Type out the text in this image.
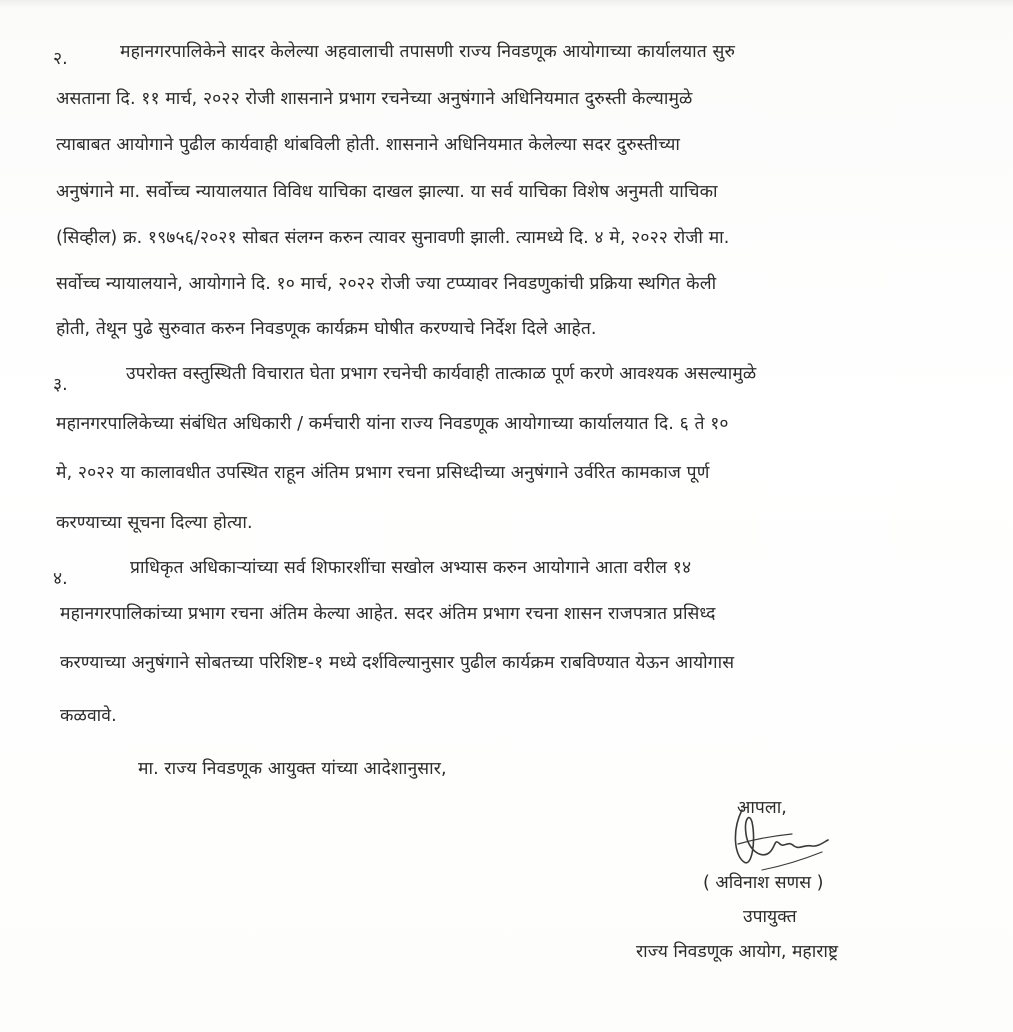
२.	महानगरपालिकेने सादर केलेल्या अहवालाची तपासणी राज्य निवडणूक आयोगाच्या कार्यालयात सुरु
असताना दि. ११ मार्च, २०२२ रोजी शासनाने प्रभाग रचनेच्या अनुषंगाने अधिनियमात दुरुस्ती केल्यामुळे
त्याबाबत आयोगाने पुढील कार्यवाही थांबविली होती. शासनाने अधिनियमात केलेल्या सदर दुरुस्तीच्या
अनुषंगाने मा. सर्वोच्च न्यायालयात विविध याचिका दाखल झाल्या. या सर्व याचिका विशेष अनुमती याचिका
(सिव्हील) क्र. १९७५६/२०२१ सोबत संलग्न करुन त्यावर सुनावणी झाली. त्यामध्ये दि. ४ मे, २०२२ रोजी मा.
सर्वोच्च न्यायालयाने, आयोगाने दि. १० मार्च, २०२२ रोजी ज्या टप्प्यावर निवडणुकांची प्रक्रिया स्थगित केली
होती, तेथून पुढे सुरुवात करुन निवडणूक कार्यक्रम घोषीत करण्याचे निर्देश दिले आहेत.
३.
उपरोक्त वस्तुस्थिती विचारात घेता प्रभाग रचनेची कार्यवाही तात्काळ पूर्ण करणे आवश्यक असल्यामुळे
महानगरपालिकेच्या संबंधित अधिकारी / कर्मचारी यांना राज्य निवडणूक आयोगाच्या कार्यालयात दि. ६ ते १०
मे, २०२२ या कालावधीत उपस्थित राहून अंतिम प्रभाग रचना प्रसिध्दीच्या अनुषंगाने उर्वरित कामकाज पूर्ण
करण्याच्या सूचना दिल्या होत्या.
४.
प्राधिकृत अधिकाऱ्यांच्या सर्व शिफारशींचा सखोल अभ्यास करुन आयोगाने आता वरील १४
महानगरपालिकांच्या प्रभाग रचना अंतिम केल्या आहेत. सदर अंतिम प्रभाग रचना शासन राजपत्रात प्रसिध्द
करण्याच्या अनुषंगाने सोबतच्या परिशिष्ट-१ मध्ये दर्शविल्यानुसार पुढील कार्यक्रम राबविण्यात येऊन आयोगास
कळवावे.
मा. राज्य निवडणूक आयुक्त यांच्या आदेशानुसार,
आपला,
( अविनाश सणस )
उपायुक्त
राज्य निवडणूक आयोग, महाराष्ट्र
